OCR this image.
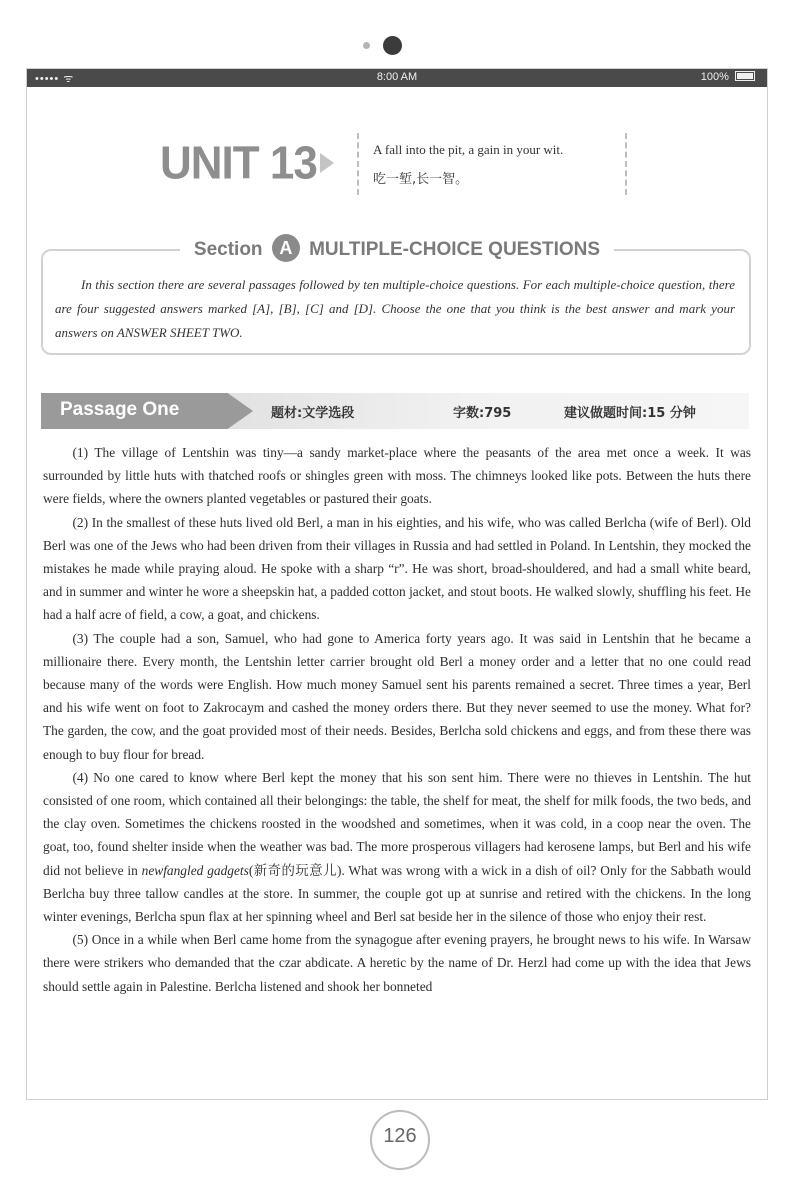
••••• ᯤ	8:00 AM	100%
UNIT 13	A fall into the pit, a gain in your wit.
吃一堑,长一智。
Section A MULTIPLE-CHOICE QUESTIONS
In this section there are several passages followed by ten multiple-choice questions. For each multiple-choice question, there are four suggested answers marked [A], [B], [C] and [D]. Choose the one that you think is the best answer and mark your answers on ANSWER SHEET TWO.
Passage One	题材:文学选段	字数:795	建议做题时间:15 分钟

(1) The village of Lentshin was tiny—a sandy market-place where the peasants of the area met once a week. It was surrounded by little huts with thatched roofs or shingles green with moss. The chimneys looked like pots. Between the huts there were fields, where the owners planted vegetables or pastured their goats.

(2) In the smallest of these huts lived old Berl, a man in his eighties, and his wife, who was called Berlcha (wife of Berl). Old Berl was one of the Jews who had been driven from their villages in Russia and had settled in Poland. In Lentshin, they mocked the mistakes he made while praying aloud. He spoke with a sharp “r”. He was short, broad-shouldered, and had a small white beard, and in summer and winter he wore a sheepskin hat, a padded cotton jacket, and stout boots. He walked slowly, shuffling his feet. He had a half acre of field, a cow, a goat, and chickens.

(3) The couple had a son, Samuel, who had gone to America forty years ago. It was said in Lentshin that he became a millionaire there. Every month, the Lentshin letter carrier brought old Berl a money order and a letter that no one could read because many of the words were English. How much money Samuel sent his parents remained a secret. Three times a year, Berl and his wife went on foot to Zakrocaym and cashed the money orders there. But they never seemed to use the money. What for? The garden, the cow, and the goat provided most of their needs. Besides, Berlcha sold chickens and eggs, and from these there was enough to buy flour for bread.

(4) No one cared to know where Berl kept the money that his son sent him. There were no thieves in Lentshin. The hut consisted of one room, which contained all their belongings: the table, the shelf for meat, the shelf for milk foods, the two beds, and the clay oven. Sometimes the chickens roosted in the woodshed and sometimes, when it was cold, in a coop near the oven. The goat, too, found shelter inside when the weather was bad. The more prosperous villagers had kerosene lamps, but Berl and his wife did not believe in newfangled gadgets(新奇的玩意儿). What was wrong with a wick in a dish of oil? Only for the Sabbath would Berlcha buy three tallow candles at the store. In summer, the couple got up at sunrise and retired with the chickens. In the long winter evenings, Berlcha spun flax at her spinning wheel and Berl sat beside her in the silence of those who enjoy their rest.

(5) Once in a while when Berl came home from the synagogue after evening prayers, he brought news to his wife. In Warsaw there were strikers who demanded that the czar abdicate. A heretic by the name of Dr. Herzl had come up with the idea that Jews should settle again in Palestine. Berlcha listened and shook her bonneted

126
